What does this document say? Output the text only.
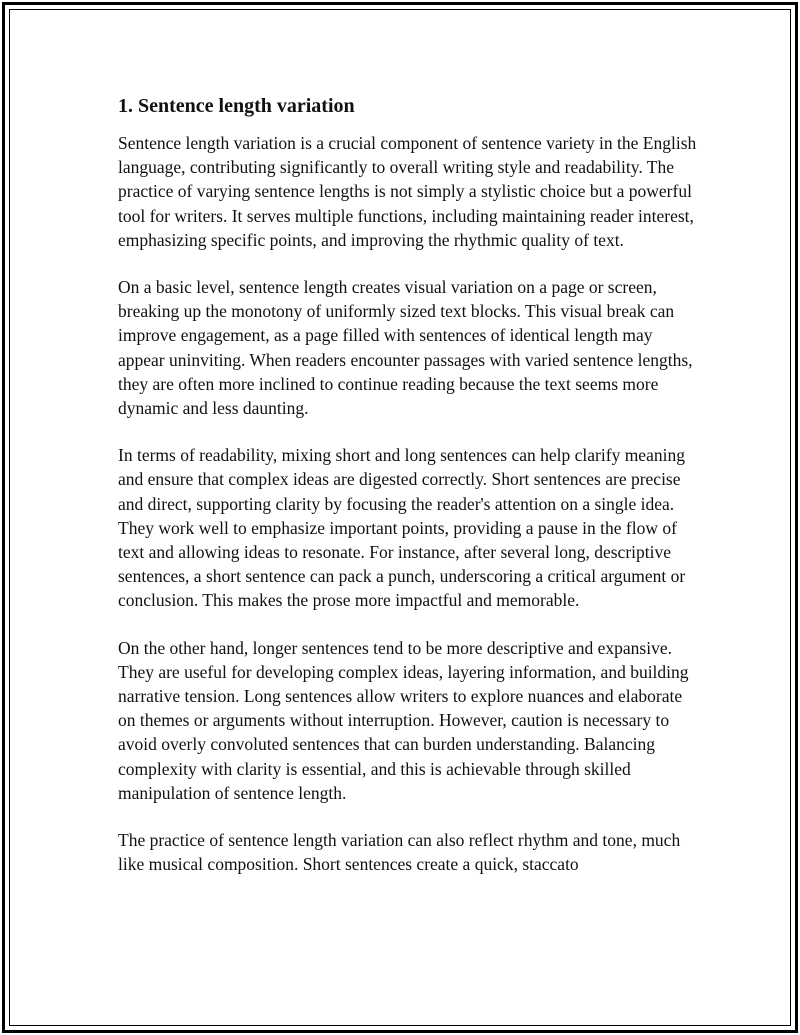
1. Sentence length variation

Sentence length variation is a crucial component of sentence variety in the English language, contributing significantly to overall writing style and readability. The practice of varying sentence lengths is not simply a stylistic choice but a powerful tool for writers. It serves multiple functions, including maintaining reader interest, emphasizing specific points, and improving the rhythmic quality of text.

On a basic level, sentence length creates visual variation on a page or screen, breaking up the monotony of uniformly sized text blocks. This visual break can improve engagement, as a page filled with sentences of identical length may appear uninviting. When readers encounter passages with varied sentence lengths, they are often more inclined to continue reading because the text seems more dynamic and less daunting.

In terms of readability, mixing short and long sentences can help clarify meaning and ensure that complex ideas are digested correctly. Short sentences are precise and direct, supporting clarity by focusing the reader's attention on a single idea. They work well to emphasize important points, providing a pause in the flow of text and allowing ideas to resonate. For instance, after several long, descriptive sentences, a short sentence can pack a punch, underscoring a critical argument or conclusion. This makes the prose more impactful and memorable.

On the other hand, longer sentences tend to be more descriptive and expansive. They are useful for developing complex ideas, layering information, and building narrative tension. Long sentences allow writers to explore nuances and elaborate on themes or arguments without interruption. However, caution is necessary to avoid overly convoluted sentences that can burden understanding. Balancing complexity with clarity is essential, and this is achievable through skilled manipulation of sentence length.

The practice of sentence length variation can also reflect rhythm and tone, much like musical composition. Short sentences create a quick, staccato
